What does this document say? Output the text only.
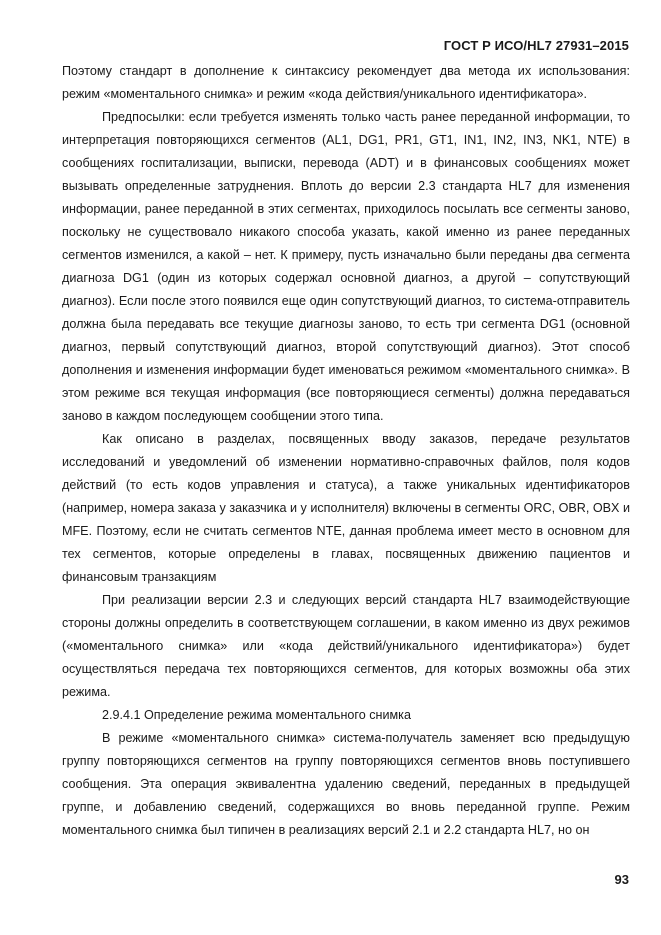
ГОСТ Р ИСО/HL7 27931–2015

Поэтому стандарт в дополнение к синтаксису рекомендует два метода их использования: режим «моментального снимка» и режим «кода действия/уникального идентификатора».

Предпосылки: если требуется изменять только часть ранее переданной информации, то интерпретация повторяющихся сегментов (AL1, DG1, PR1, GT1, IN1, IN2, IN3, NK1, NTE) в сообщениях госпитализации, выписки, перевода (ADT) и в финансовых сообщениях может вызывать определенные затруднения. Вплоть до версии 2.3 стандарта HL7 для изменения информации, ранее переданной в этих сегментах, приходилось посылать все сегменты заново, поскольку не существовало никакого способа указать, какой именно из ранее переданных сегментов изменился, а какой – нет. К примеру, пусть изначально были переданы два сегмента диагноза DG1 (один из которых содержал основной диагноз, а другой – сопутствующий диагноз). Если после этого появился еще один сопутствующий диагноз, то система-отправитель должна была передавать все текущие диагнозы заново, то есть три сегмента DG1 (основной диагноз, первый сопутствующий диагноз, второй сопутствующий диагноз). Этот способ дополнения и изменения информации будет именоваться режимом «моментального снимка». В этом режиме вся текущая информация (все повторяющиеся сегменты) должна передаваться заново в каждом последующем сообщении этого типа.

Как описано в разделах, посвященных вводу заказов, передаче результатов исследований и уведомлений об изменении нормативно-справочных файлов, поля кодов действий (то есть кодов управления и статуса), а также уникальных идентификаторов (например, номера заказа у заказчика и у исполнителя) включены в сегменты ORC, OBR, OBX и MFE. Поэтому, если не считать сегментов NTE, данная проблема имеет место в основном для тех сегментов, которые определены в главах, посвященных движению пациентов и финансовым транзакциям

При реализации версии 2.3 и следующих версий стандарта HL7 взаимодействующие стороны должны определить в соответствующем соглашении, в каком именно из двух режимов («моментального снимка» или «кода действий/уникального идентификатора») будет осуществляться передача тех повторяющихся сегментов, для которых возможны оба этих режима.

2.9.4.1 Определение режима моментального снимка

В режиме «моментального снимка» система-получатель заменяет всю предыдущую группу повторяющихся сегментов на группу повторяющихся сегментов вновь поступившего сообщения. Эта операция эквивалентна удалению сведений, переданных в предыдущей группе, и добавлению сведений, содержащихся во вновь переданной группе. Режим моментального снимка был типичен в реализациях версий 2.1 и 2.2 стандарта HL7, но он

93
